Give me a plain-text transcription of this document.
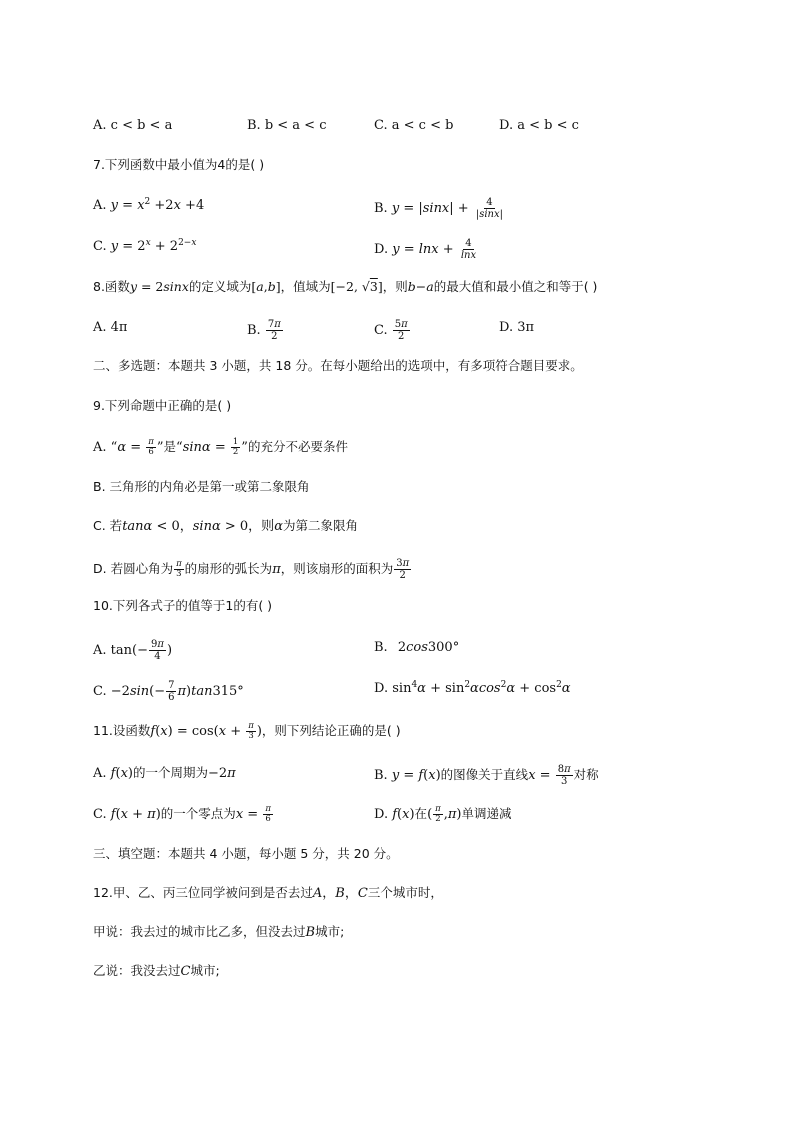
A. c < b < a	B. b < a < c	C. a < c < b	D. a < b < c
7.下列函数中最小值为4的是( )
A. $y = x^2 +2x +4$	B. $y = |\sin x| + \frac{4}{|\sin x|}$
C. $y = 2^x + 2^{2-x}$	D. $y = \ln x + \frac{4}{\ln x}$
8.函数y = 2sinx的定义域为[a,b]，值域为[−2, √3]，则b−a的最大值和最小值之和等于( )
A. 4π	B. $\frac{7\pi}{2}$	C. $\frac{5\pi}{2}$	D. 3π
二、多选题：本题共 3 小题，共 18 分。在每小题给出的选项中，有多项符合题目要求。
9.下列命题中正确的是( )
A. “$\alpha = \frac{\pi}{6}$ ”是“$\sin\alpha = \frac{1}{2}$ ”的充分不必要条件
B. 三角形的内角必是第一或第二象限角
C. 若tanα < 0，sinα > 0，则α为第二象限角
D. 若圆心角为 $\frac{\pi}{3}$ 的扇形的弧长为π，则该扇形的面积为 $\frac{3\pi}{2}$
10.下列各式子的值等于1的有( )
A. $\tan(- \frac{9\pi}{4}$ )	B. 2cos300°
C. $-2\sin(- \frac{7}{6} \pi)\tan 315^\circ$	D. $\sin^4\alpha + \sin^2\alpha\cos^2\alpha + \cos^2\alpha$
11.设函数$f(x) = \cos(x + \frac{\pi}{3}$ )，则下列结论正确的是( )
A. f(x)的一个周期为−2π	B. y = f(x)的图像关于直线$x = \frac{8\pi}{3}$ 对称
C. f(x + π)的一个零点为$x = \frac{\pi}{6}$	D. f(x)在( $\frac{\pi}{2} ,\pi$)单调递减
三、填空题：本题共 4 小题，每小题 5 分，共 20 分。
12.甲、乙、丙三位同学被问到是否去过A，B，C三个城市时，
甲说：我去过的城市比乙多，但没去过B城市;
乙说：我没去过C城市;
